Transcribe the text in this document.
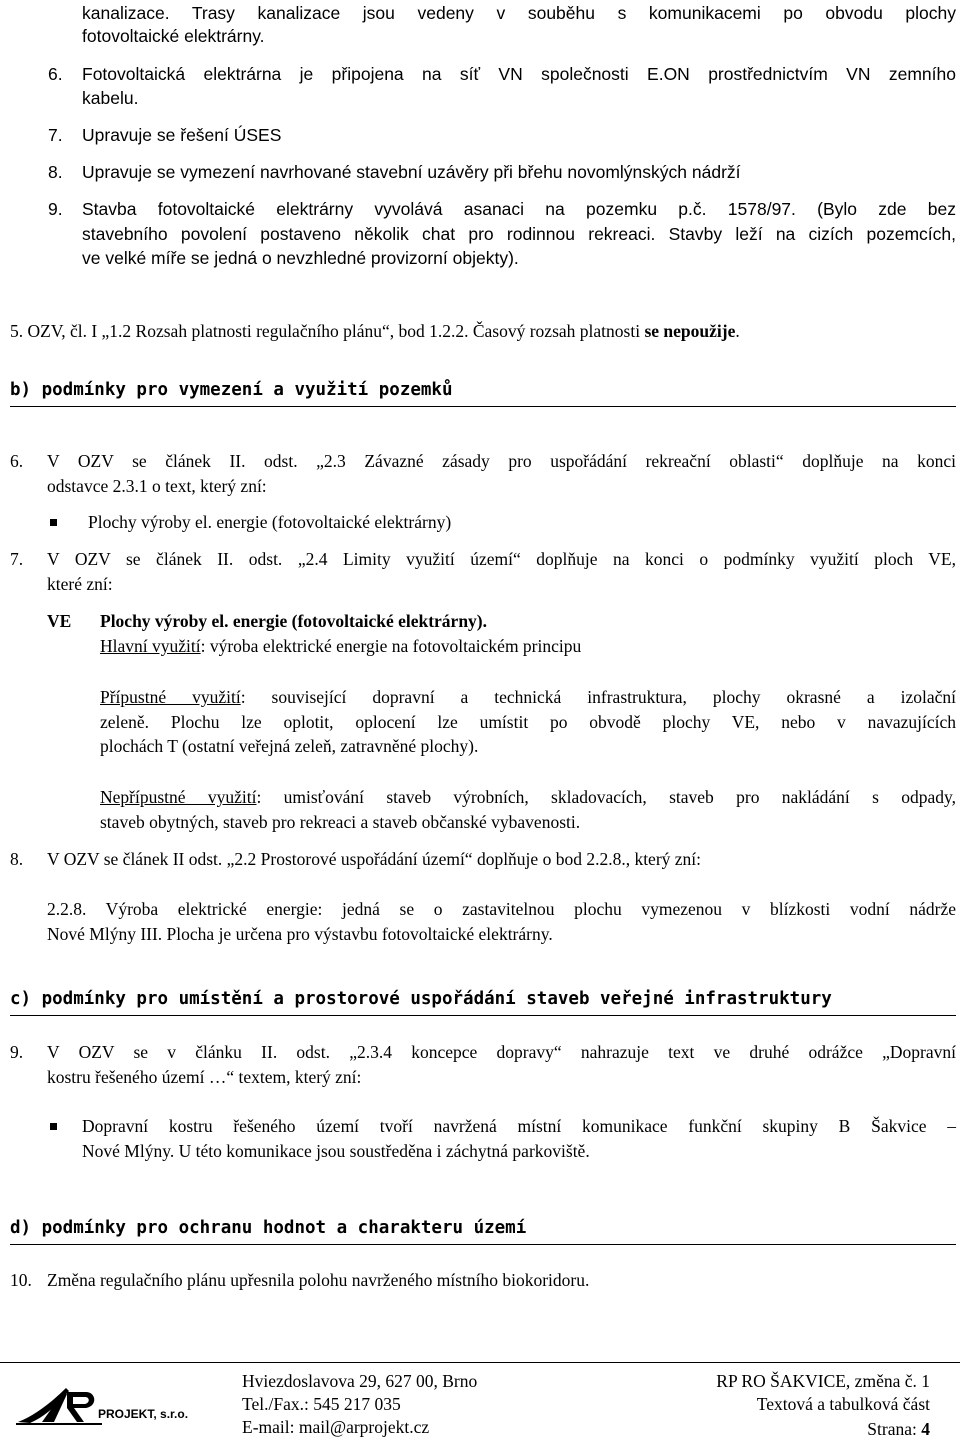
kanalizace. Trasy kanalizace jsou vedeny v souběhu s komunikacemi po obvodu plochy
fotovoltaické elektrárny.
6. Fotovoltaická elektrárna je připojena na síť VN společnosti E.ON prostřednictvím VN zemního
kabelu.
7. Upravuje se řešení ÚSES
8. Upravuje se vymezení navrhované stavební uzávěry při břehu novomlýnských nádrží
9. Stavba fotovoltaické elektrárny vyvolává asanaci na pozemku p.č. 1578/97. (Bylo zde bez
stavebního povolení postaveno několik chat pro rodinnou rekreaci. Stavby leží na cizích pozemcích,
ve velké míře se jedná o nevzhledné provizorní objekty).
5. OZV, čl. I „1.2 Rozsah platnosti regulačního plánu“, bod 1.2.2. Časový rozsah platnosti se nepoužije.
b) podmínky pro vymezení a využití pozemků
6. V OZV se článek II. odst. „2.3 Závazné zásady pro uspořádání rekreační oblasti“ doplňuje na konci
odstavce 2.3.1 o text, který zní:
Plochy výroby el. energie (fotovoltaické elektrárny)
7. V OZV se článek II. odst. „2.4 Limity využití území“ doplňuje na konci o podmínky využití ploch VE,
které zní:
VE Plochy výroby el. energie (fotovoltaické elektrárny).
Hlavní využití: výroba elektrické energie na fotovoltaickém principu
Přípustné využití: související dopravní a technická infrastruktura, plochy okrasné a izolační
zeleně. Plochu lze oplotit, oplocení lze umístit po obvodě plochy VE, nebo v navazujících
plochách T (ostatní veřejná zeleň, zatravněné plochy).
Nepřípustné využití: umisťování staveb výrobních, skladovacích, staveb pro nakládání s odpady,
staveb obytných, staveb pro rekreaci a staveb občanské vybavenosti.
8. V OZV se článek II odst. „2.2 Prostorové uspořádání území“ doplňuje o bod 2.2.8., který zní:
2.2.8. Výroba elektrické energie: jedná se o zastavitelnou plochu vymezenou v blízkosti vodní nádrže
Nové Mlýny III. Plocha je určena pro výstavbu fotovoltaické elektrárny.
c) podmínky pro umístění a prostorové uspořádání staveb veřejné infrastruktury
9. V OZV se v článku II. odst. „2.3.4 koncepce dopravy“ nahrazuje text ve druhé odrážce „Dopravní
kostru řešeného území …“ textem, který zní:
Dopravní kostru řešeného území tvoří navržená místní komunikace funkční skupiny B Šakvice –
Nové Mlýny. U této komunikace jsou soustředěna i záchytná parkoviště.
d) podmínky pro ochranu hodnot a charakteru území
10. Změna regulačního plánu upřesnila polohu navrženého místního biokoridoru.
PROJEKT, s.r.o.
Hviezdoslavova 29, 627 00, Brno
Tel./Fax.: 545 217 035
E-mail: mail@arprojekt.cz
RP RO ŠAKVICE, změna č. 1
Textová a tabulková část
Strana: 4
